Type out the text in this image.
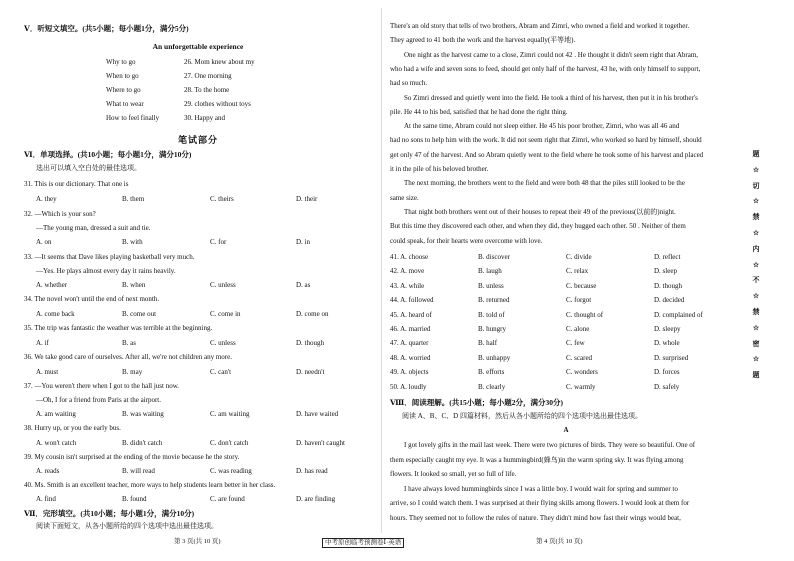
Ⅴ．听短文填空。(共5小题；每小题1分，满分5分)
An unforgettable experience
Why to go	26. Mom knew about my
When to go	27. One morning
Where to go	28. To the home
What to wear	29. clothes without toys
How to feel finally	30. Happy and
笔试部分
Ⅵ．单项选择。(共10小题；每小题1分，满分10分)
选出可以填入空白处的最佳选项。
31. This is our dictionary. That one is
A. they	B. them	C. theirs	D. their
32. —Which is your son?
—The young man, dressed a suit and tie.
A. on	B. with	C. for	D. in
33. —It seems that Dave likes playing basketball very much.
—Yes. He plays almost every day it rains heavily.
A. whether	B. when	C. unless	D. as
34. The novel won't until the end of next month.
A. come back	B. come out	C. come in	D. come on
35. The trip was fantastic the weather was terrible at the beginning.
A. if	B. as	C. unless	D. though
36. We take good care of ourselves. After all, we're not children any more.
A. must	B. may	C. can't	D. needn't
37. —You weren't there when I got to the hall just now.
—Oh, I for a friend from Paris at the airport.
A. am waiting	B. was waiting	C. am waiting	D. have waited
38. Hurry up, or you the early bus.
A. won't catch	B. didn't catch	C. don't catch	D. haven't caught
39. My cousin isn't surprised at the ending of the movie because he the story.
A. reads	B. will read	C. was reading	D. has read
40. Ms. Smith is an excellent teacher, more ways to help students learn better in her class.
A. find	B. found	C. are found	D. are finding
Ⅶ．完形填空。(共10小题；每小题1分，满分10分)
阅读下面短文，从各小题所给的四个选项中选出最佳选项。
第 3 页(共 10 页)	中考原创临考预测卷Ⅰ·英语
There's an old story that tells of two brothers, Abram and Zimri, who owned a field and worked it together.
They agreed to 41 both the work and the harvest equally(平等地).
One night as the harvest came to a close, Zimri could not 42 . He thought it didn't seem right that Abram,
who had a wife and seven sons to feed, should get only half of the harvest, 43 he, with only himself to support,
had so much.
So Zimri dressed and quietly went into the field. He took a third of his harvest, then put it in his brother's
pile. He 44 to his bed, satisfied that he had done the right thing.
At the same time, Abram could not sleep either. He 45 his poor brother, Zimri, who was all 46 and
had no sons to help him with the work. It did not seem right that Zimri, who worked so hard by himself, should
get only 47 of the harvest. And so Abram quietly went to the field where he took some of his harvest and placed
it in the pile of his beloved brother.
The next morning, the brothers went to the field and were both 48 that the piles still looked to be the
same size.
That night both brothers went out of their houses to repeat their 49 of the previous(以前的)night.
But this time they discovered each other, and when they did, they hugged each other. 50 . Neither of them
could speak, for their hearts were overcome with love.
41. A. choose	B. discover	C. divide	D. reflect
42. A. move	B. laugh	C. relax	D. sleep
43. A. while	B. unless	C. because	D. though
44. A. followed	B. returned	C. forgot	D. decided
45. A. heard of	B. told of	C. thought of	D. complained of
46. A. married	B. hungry	C. alone	D. sleepy
47. A. quarter	B. half	C. few	D. whole
48. A. worried	B. unhappy	C. scared	D. surprised
49. A. objects	B. efforts	C. wonders	D. forces
50. A. loudly	B. clearly	C. warmly	D. safely
Ⅷ．阅读理解。(共15小题；每小题2分，满分30分)
阅读 A、B、C、D 四篇材料，然后从各小题所给的四个选项中选出最佳选项。
A
I got lovely gifts in the mail last week. There were two pictures of birds. They were so beautiful. One of
them especially caught my eye. It was a hummingbird(蜂鸟)in the warm spring sky. It was flying among
flowers. It looked so small, yet so full of life.
I have always loved hummingbirds since I was a little boy. I would wait for spring and summer to
arrive, so I could watch them. I was surprised at their flying skills among flowers. I would look at them for
hours. They seemed not to follow the rules of nature. They didn't mind how fast their wings would beat,
第 4 页(共 10 页)
题
☆
切
☆
禁
☆
内
☆
不
☆
禁
☆
密
☆
题
